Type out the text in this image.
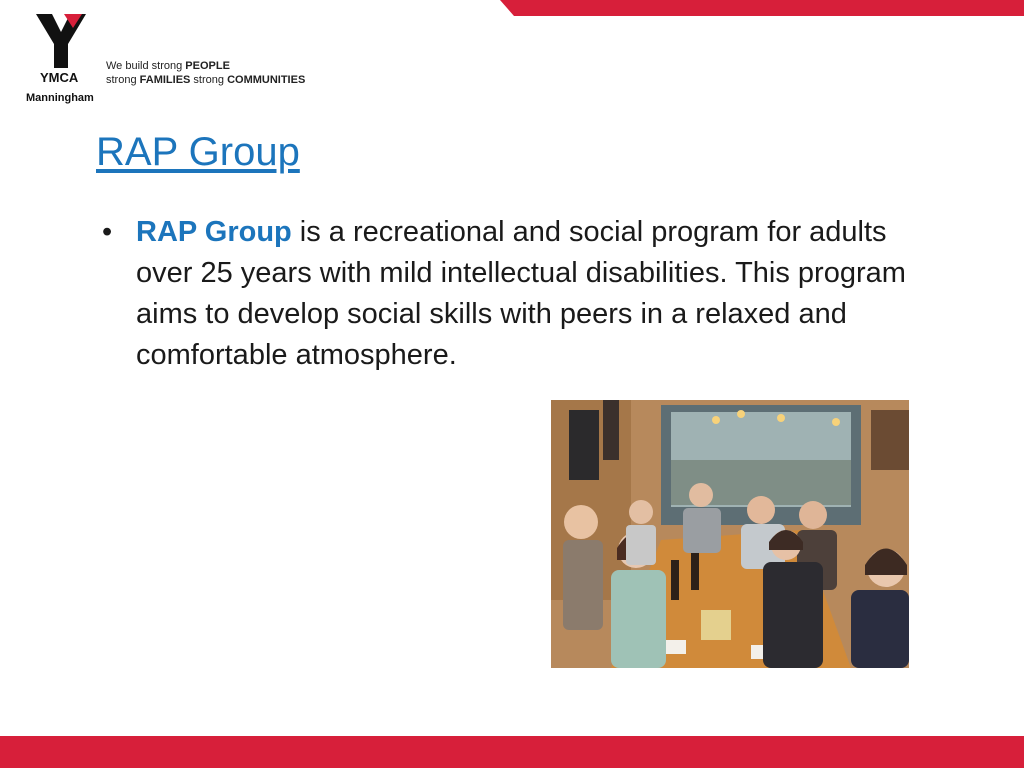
YMCA
Manningham
We build strong PEOPLE
strong FAMILIES strong COMMUNITIES
RAP Group
• RAP Group is a recreational and social program for adults over 25 years with mild intellectual disabilities. This program aims to develop social skills with peers in a relaxed and comfortable atmosphere.
